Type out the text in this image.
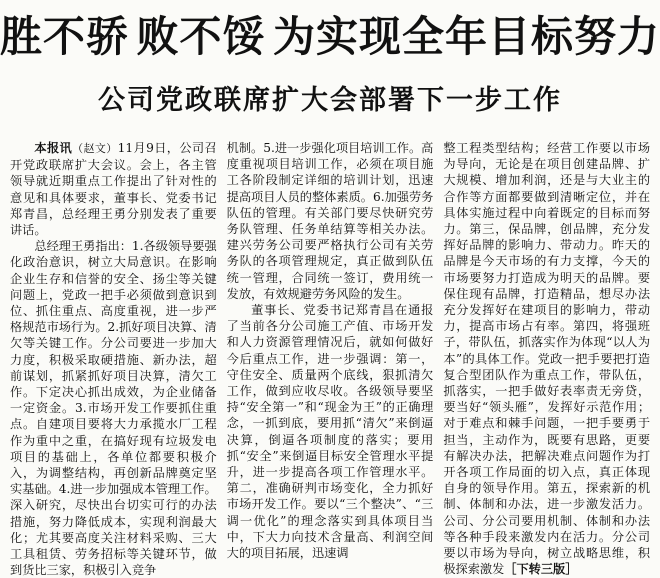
胜不骄 败不馁 为实现全年目标努力
公司党政联席扩大会部署下一步工作

本报讯（赵文）11月9日，公司召开党政联席扩大会议。会上，各主管领导就近期重点工作提出了针对性的意见和具体要求，董事长、党委书记郑青昌，总经理王勇分别发表了重要讲话。

总经理王勇指出：1.各级领导要强化政治意识，树立大局意识。在影响企业生存和信誉的安全、扬尘等关键问题上，党政一把手必须做到意识到位、抓住重点、高度重视，进一步严格规范市场行为。2.抓好项目决算、清欠等关键工作。分公司要进一步加大力度，积极采取硬措施、新办法，超前谋划，抓紧抓好项目决算，清欠工作。下定决心抓出成效，为企业储备一定资金。3.市场开发工作要抓住重点。自建项目要将大力承揽水厂工程作为重中之重，在搞好现有垃圾发电项目的基础上，各单位都要积极介入，为调整结构，再创新品牌奠定坚实基础。4.进一步加强成本管理工作。深入研究，尽快出台切实可行的办法措施，努力降低成本，实现利润最大化；尤其要高度关注材料采购、三大工具租赁、劳务招标等关键环节，做到货比三家，积极引入竞争

机制。5.进一步强化项目培训工作。高度重视项目培训工作，必须在项目施工各阶段制定详细的培训计划，迅速提高项目人员的整体素质。6.加强劳务队伍的管理。有关部门要尽快研究劳务队管理、任务单结算等相关办法。建兴劳务公司要严格执行公司有关劳务队的各项管理规定，真正做到队伍统一管理，合同统一签订，费用统一发放，有效规避劳务风险的发生。

董事长、党委书记郑青昌在通报了当前各分公司施工产值、市场开发和人力资源管理情况后，就如何做好今后重点工作，进一步强调：第一，守住安全、质量两个底线，狠抓清欠工作，做到应收尽收。各级领导要坚持“安全第一”和“现金为王”的正确理念，一抓到底，要用抓“清欠”来倒逼决算，倒逼各项制度的落实；要用抓“安全”来倒逼目标安全管理水平提升，进一步提高各项工作管理水平。第二，准确研判市场变化，全力抓好市场开发工作。要以“三个整决”、“三调一优化”的理念落实到具体项目当中，下大力向技术含量高、利润空间大的项目拓展，迅速调

整工程类型结构；经营工作要以市场为导向，无论是在项目创建品牌、扩大规模、增加利润，还是与大业主的合作等方面都要做到清晰定位，并在具体实施过程中向着既定的目标而努力。第三，保品牌，创品牌，充分发挥好品牌的影响力、带动力。昨天的品牌是今天市场的有力支撑，今天的市场要努力打造成为明天的品牌。要保住现有品牌，打造精品，想尽办法充分发挥好在建项目的影响力，带动力，提高市场占有率。第四，将强班子，带队伍，抓落实作为体现“以人为本”的具体工作。党政一把手要把打造复合型团队作为重点工作，带队伍，抓落实，一把手做好表率责无旁贷，要当好“领头雁”，发挥好示范作用；对于难点和棘手问题，一把手要勇于担当，主动作为，既要有思路，更要有解决办法，把解决难点问题作为打开各项工作局面的切入点，真正体现自身的领导作用。第五，探索新的机制、体制和办法，进一步激发活力。公司、分公司要用机制、体制和办法等各种手段来激发内在活力。分公司要以市场为导向，树立战略思维，积极探索激发［下转三版］
